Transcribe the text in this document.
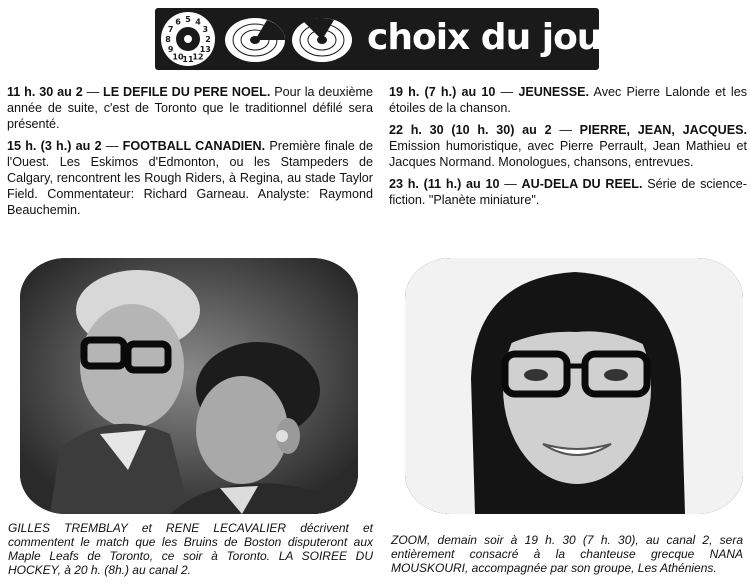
7
6 5 4
3
2
13
12
11
10
9
8	choix du jour

11 h. 30 au 2 — LE DEFILE DU PERE NOEL. Pour la deuxième année de suite, c'est de Toronto que le traditionnel défilé sera présenté.

15 h. (3 h.) au 2 — FOOTBALL CANADIEN. Première finale de l'Ouest. Les Eskimos d'Edmonton, ou les Stampeders de Calgary, rencontrent les Rough Riders, à Regina, au stade Taylor Field. Commentateur: Richard Garneau. Analyste: Raymond Beauchemin.

19 h. (7 h.) au 10 — JEUNESSE. Avec Pierre Lalonde et les étoiles de la chanson.

22 h. 30 (10 h. 30) au 2 — PIERRE, JEAN, JACQUES. Emission humoristique, avec Pierre Perrault, Jean Mathieu et Jacques Normand. Monologues, chansons, entrevues.

23 h. (11 h.) au 10 — AU-DELA DU REEL. Série de science-fiction. "Planète miniature".

GILLES TREMBLAY et RENE LECAVALIER décrivent et commentent le match que les Bruins de Boston disputeront aux Maple Leafs de Toronto, ce soir à Toronto. LA SOIREE DU HOCKEY, à 20 h. (8h.) au canal 2.
ZOOM, demain soir à 19 h. 30 (7 h. 30), au canal 2, sera entièrement consacré à la chanteuse grecque NANA MOUSKOURI, accompagnée par son groupe, Les Athéniens.
